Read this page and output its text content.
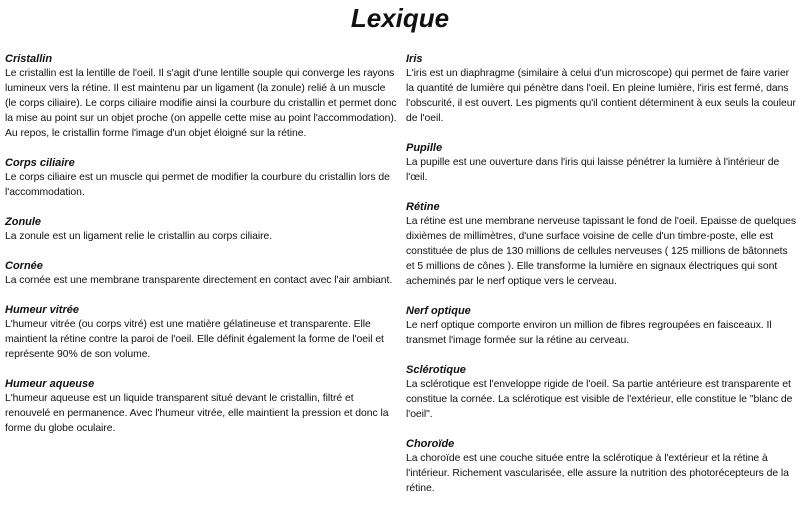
Lexique

Cristallin

Le cristallin est la lentille de l'oeil. Il s'agit d'une lentille souple qui converge les rayons lumineux vers la rétine. Il est maintenu par un ligament (la zonule) relié à un muscle (le corps ciliaire). Le corps ciliaire modifie ainsi la courbure du cristallin et permet donc la mise au point sur un objet proche (on appelle cette mise au point l'accommodation). Au repos, le cristallin forme l'image d'un objet éloigné sur la rétine.

Corps ciliaire

Le corps ciliaire est un muscle qui permet de modifier la courbure du cristallin lors de l'accommodation.

Zonule

La zonule est un ligament relie le cristallin au corps ciliaire.

Cornée

La cornée est une membrane transparente directement en contact avec l'air ambiant.

Humeur vitrée

L'humeur vitrée (ou corps vitré) est une matière gélatineuse et transparente. Elle maintient la rétine contre la paroi de l'oeil. Elle définit également la forme de l'oeil et représente 90% de son volume.

Humeur aqueuse

L'humeur aqueuse est un liquide transparent situé devant le cristallin, filtré et renouvelé en permanence. Avec l'humeur vitrée, elle maintient la pression et donc la forme du globe oculaire.

Iris

L'iris est un diaphragme (similaire à celui d'un microscope) qui permet de faire varier la quantité de lumière qui pénètre dans l'oeil. En pleine lumière, l'iris est fermé, dans l'obscurité, il est ouvert. Les pigments qu'il contient déterminent à eux seuls la couleur de l'oeil.

Pupille

La pupille est une ouverture dans l'iris qui laisse pénétrer la lumière à l'intérieur de l'œil.

Rétine

La rétine est une membrane nerveuse tapissant le fond de l'oeil. Epaisse de quelques dixièmes de millimètres, d'une surface voisine de celle d'un timbre-poste, elle est constituée de plus de 130 millions de cellules nerveuses ( 125 millions de bâtonnets et 5 millions de cônes ). Elle transforme la lumière en signaux électriques qui sont acheminés par le nerf optique vers le cerveau.

Nerf optique

Le nerf optique comporte environ un million de fibres regroupées en faisceaux. Il transmet l'image formée sur la rétine au cerveau.

Sclérotique

La sclérotique est l'enveloppe rigide de l'oeil. Sa partie antérieure est transparente et constitue la cornée. La sclérotique est visible de l'extérieur, elle constitue le "blanc de l'oeil".

Choroïde

La choroïde est une couche située entre la sclérotique à l'extérieur et la rétine à l'intérieur. Richement vascularisée, elle assure la nutrition des photorécepteurs de la rétine.
